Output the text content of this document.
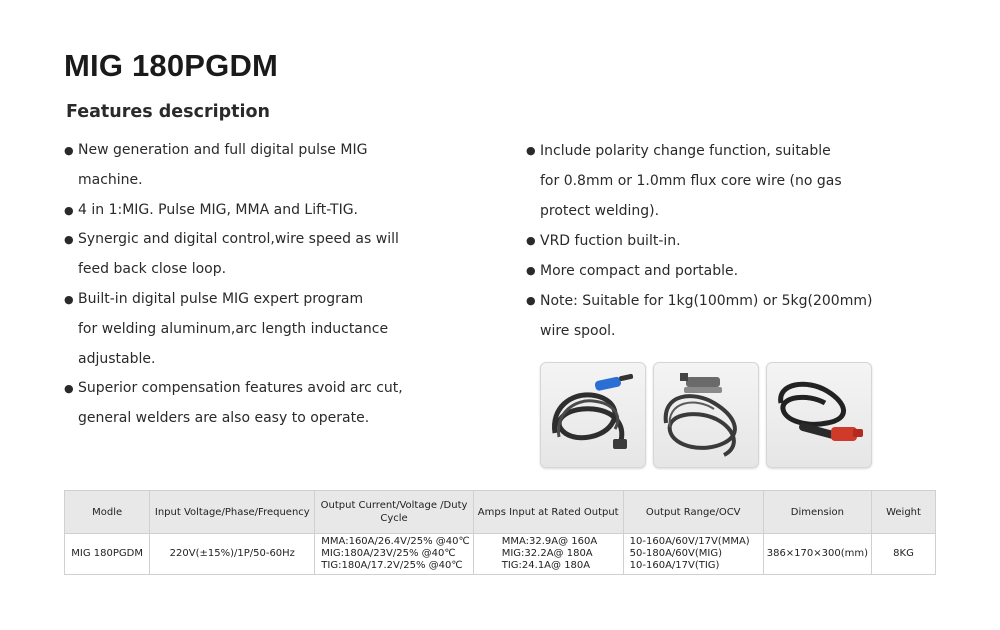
MIG 180PGDM
Features description
● New generation and full digital pulse MIG
machine.
● 4 in 1:MIG. Pulse MIG, MMA and Lift-TIG.
● Synergic and digital control,wire speed as will
feed back close loop.
● Built-in digital pulse MIG expert program
for welding aluminum,arc length inductance
adjustable.
● Superior compensation features avoid arc cut,
general welders are also easy to operate.
● Include polarity change function, suitable
for 0.8mm or 1.0mm flux core wire (no gas
protect welding).
● VRD fuction built-in.
● More compact and portable.
● Note: Suitable for 1kg(100mm) or 5kg(200mm)
wire spool.
Modle	Input Voltage/Phase/Frequency	Output Current/Voltage /Duty Cycle	Amps Input at Rated Output	Output Range/OCV	Dimension	Weight
MIG 180PGDM	220V(±15%)/1P/50-60Hz	MMA:160A/26.4V/25% @40℃
MIG:180A/23V/25% @40℃
TIG:180A/17.2V/25% @40℃	MMA:32.9A@ 160A
MIG:32.2A@ 180A
TIG:24.1A@ 180A	10-160A/60V/17V(MMA)
50-180A/60V(MIG)
10-160A/17V(TIG)	386×170×300(mm)	8KG
